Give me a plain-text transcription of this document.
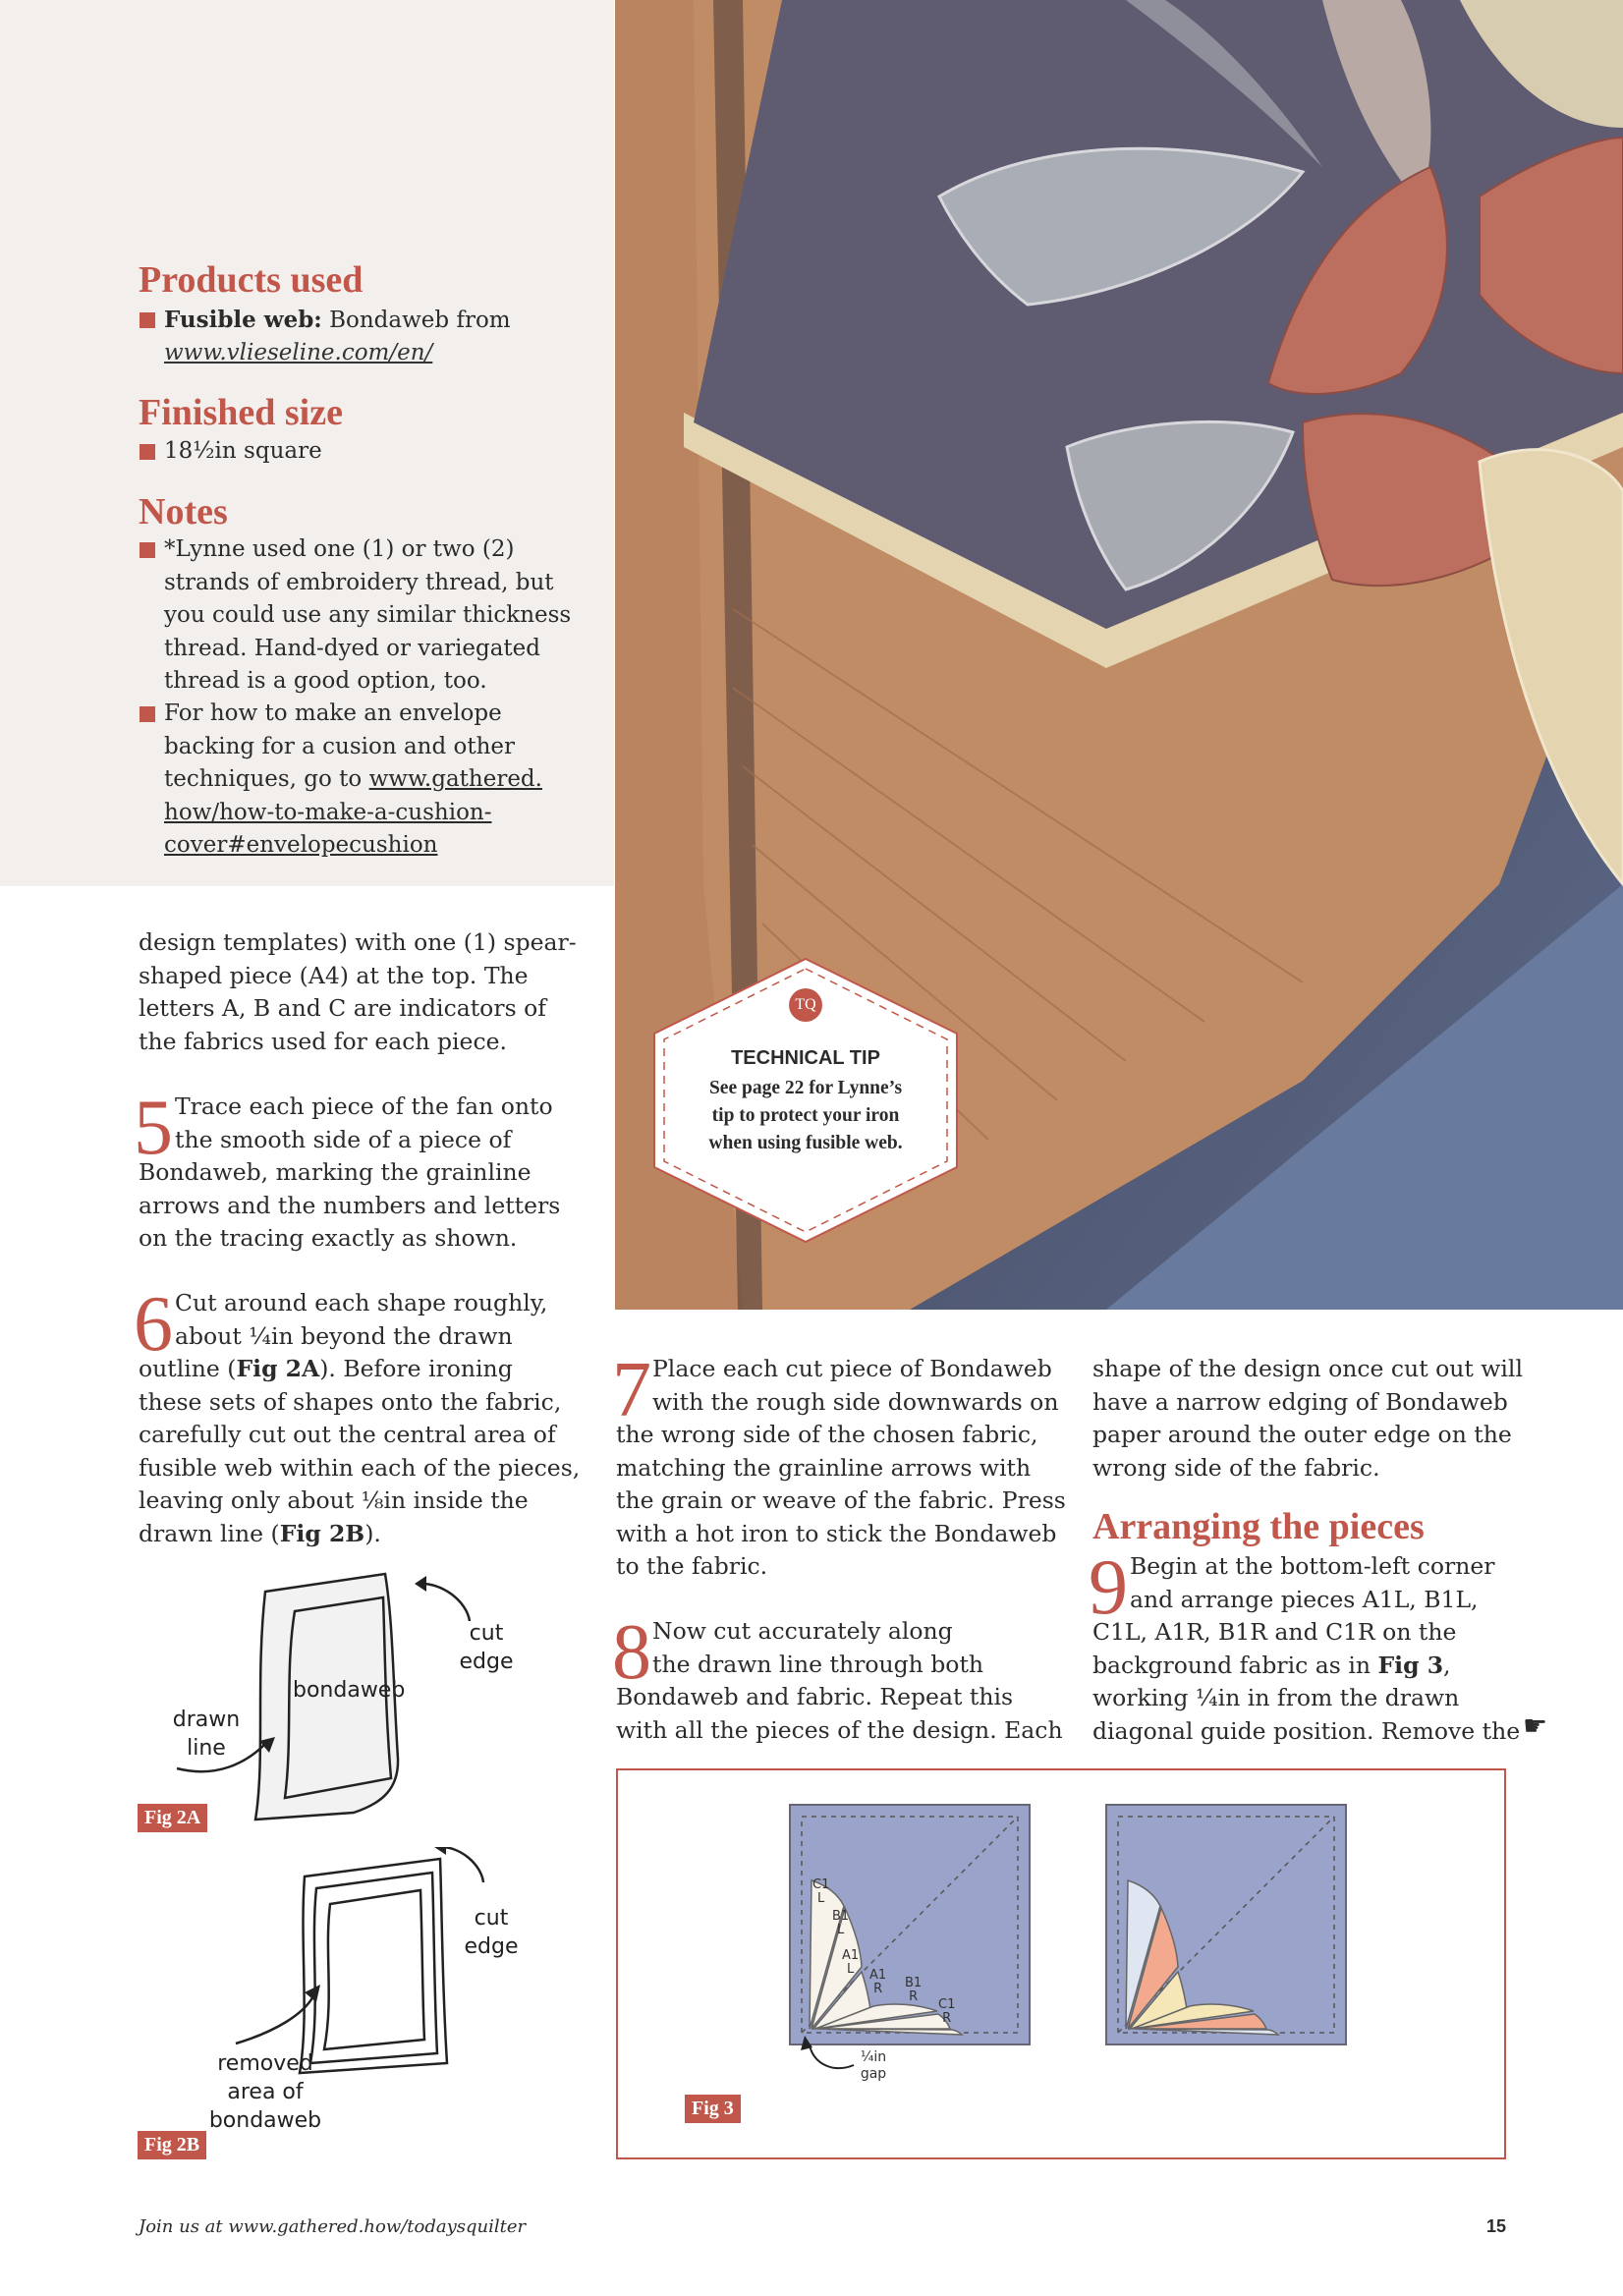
Products used
Fusible web: Bondaweb from
www.vlieseline.com/en/
Finished size
18½in square
Notes
*Lynne used one (1) or two (2)
strands of embroidery thread, but
you could use any similar thickness
thread. Hand-dyed or variegated
thread is a good option, too.
For how to make an envelope
backing for a cusion and other
techniques, go to www.gathered.
how/how-to-make-a-cushion-
cover#envelopecushion
TQ
TECHNICAL TIP
See page 22 for Lynne’s
tip to protect your iron
when using fusible web.
design templates) with one (1) spear-
shaped piece (A4) at the top. The
letters A, B and C are indicators of
the fabrics used for each piece.
5 Trace each piece of the fan onto
the smooth side of a piece of
Bondaweb, marking the grainline
arrows and the numbers and letters
on the tracing exactly as shown.
6 Cut around each shape roughly,
about ¼in beyond the drawn
outline (Fig 2A). Before ironing
these sets of shapes onto the fabric,
carefully cut out the central area of
fusible web within each of the pieces,
leaving only about ⅛in inside the
drawn line (Fig 2B).
cut
edge
bondaweb
drawn
line
Fig 2A
cut
edge
removed
area of
bondaweb
Fig 2B
7 Place each cut piece of Bondaweb
with the rough side downwards on
the wrong side of the chosen fabric,
matching the grainline arrows with
the grain or weave of the fabric. Press
with a hot iron to stick the Bondaweb
to the fabric.
8 Now cut accurately along
the drawn line through both
Bondaweb and fabric. Repeat this
with all the pieces of the design. Each
shape of the design once cut out will
have a narrow edging of Bondaweb
paper around the outer edge on the
wrong side of the fabric.
Arranging the pieces
9 Begin at the bottom-left corner
and arrange pieces A1L, B1L,
C1L, A1R, B1R and C1R on the
background fabric as in Fig 3,
working ¼in in from the drawn
diagonal guide position. Remove the ☛
C1
L
B1
L
A1
L	A1
R	B1
R
C1
R
¼in
gap
Fig 3
Join us at www.gathered.how/todaysquilter	15
